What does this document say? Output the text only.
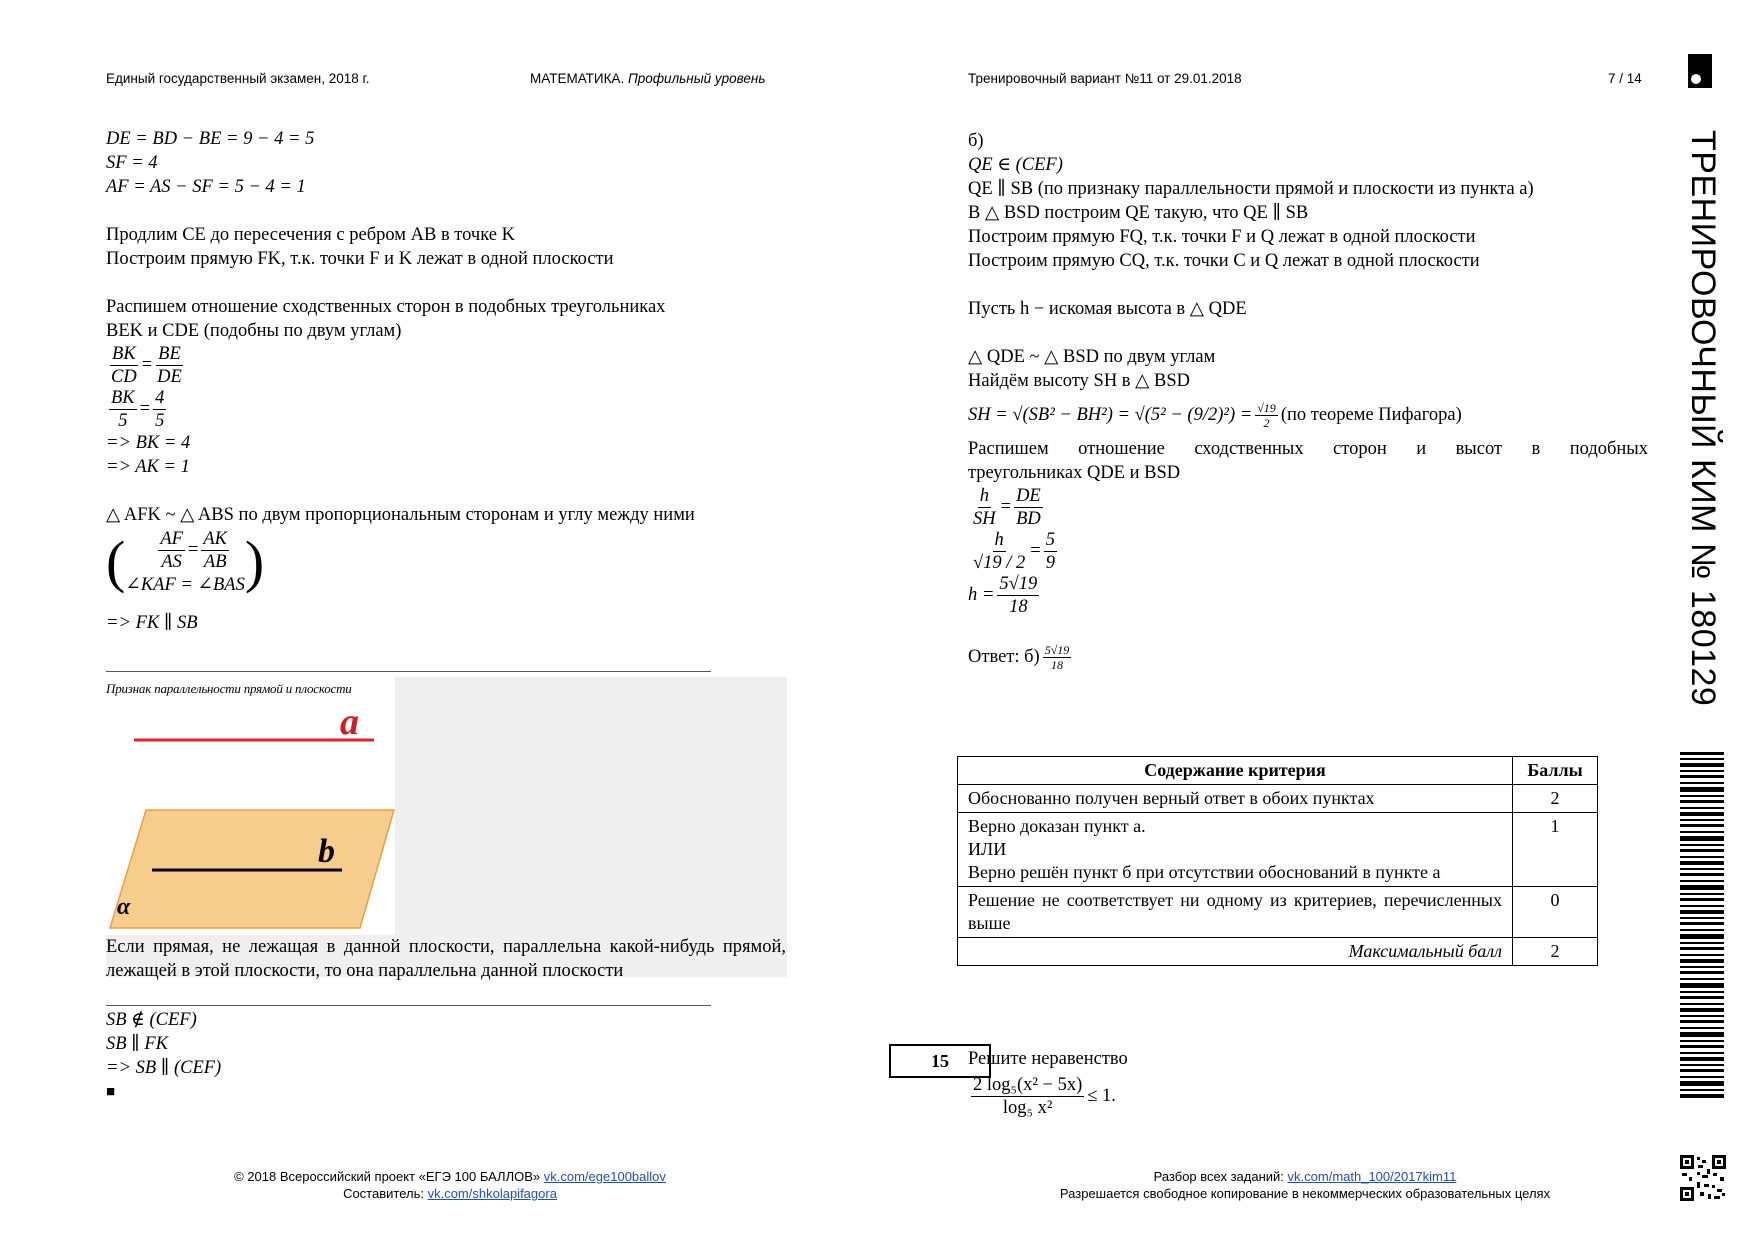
Единый государственный экзамен, 2018 г.	МАТЕМАТИКА. Профильный уровень	Тренировочный вариант №11 от 29.01.2018	7 / 14
ТРЕНИРОВОЧНЫЙ КИМ № 180129

DE = BD − BE = 9 − 4 = 5

SF = 4

AF = AS − SF = 5 − 4 = 1

Продлим CE до пересечения с ребром AB в точке K

Построим прямую FK, т.к. точки F и K лежат в одной плоскости

Распишем отношение сходственных сторон в подобных треугольниках

BEK и CDE (подобны по двум углам)

$\frac{BK}{CD} = \frac{BE}{DE}$
$\frac{BK}{5} = \frac{4}{5}$

=> BK = 4

=> AK = 1

△ AFK ~ △ ABS по двум пропорциональным сторонам и углу между ними

( $\frac{AF}{AS} = \frac{AK}{AB}$
∠KAF = ∠BAS )

=> FK ∥ SB

Признак параллельности прямой и плоскости
a
b
α
Если прямая, не лежащая в данной плоскости, параллельна какой-нибудь прямой, лежащей в этой плоскости, то она параллельна данной плоскости

SB ∉ (CEF)

SB ∥ FK

=> SB ∥ (CEF)

■

б)

QE ∈ (CEF)

QE ∥ SB (по признаку параллельности прямой и плоскости из пункта а)

В △ BSD построим QE такую, что QE ∥ SB

Построим прямую FQ, т.к. точки F и Q лежат в одной плоскости

Построим прямую CQ, т.к. точки C и Q лежат в одной плоскости

Пусть h − искомая высота в △ QDE

△ QDE ~ △ BSD по двум углам

Найдём высоту SH в △ BSD

SH = $√(SB^2 - BH^2) = √(5^2 - (9/2)^2) = \frac{√19}{2} (по$ теореме Пифагора)

Распишем отношение сходственных сторон и высот в подобных

треугольниках QDE и BSD

$\frac{h}{SH} = \frac{DE}{BD}$
$\frac{h}{√19 / 2} = \frac{5}{9}$
$h = \frac{5√19}{18}$
Ответ: $б) \frac{5√19}{18}$
Содержание критерия	Баллы
Обоснованно получен верный ответ в обоих пунктах	2

Верно доказан пункт а.
ИЛИ
Верно решён пункт б при отсутствии обоснований в пункте а	1
Решение не соответствует ни одному из критериев, перечисленных выше	0
Максимальный балл	2
15	Решите неравенство
$\frac{\text{2 log₅(x² − 5x)}}{\text{log₅ x²}} \le 1$.
© 2018 Всероссийский проект «ЕГЭ 100 БАЛЛОВ» vk.com/ege100ballov
Составитель: vk.com/shkolapifagora
Разбор всех заданий: vk.com/math_100/2017kim11
Разрешается свободное копирование в некоммерческих образовательных целях
